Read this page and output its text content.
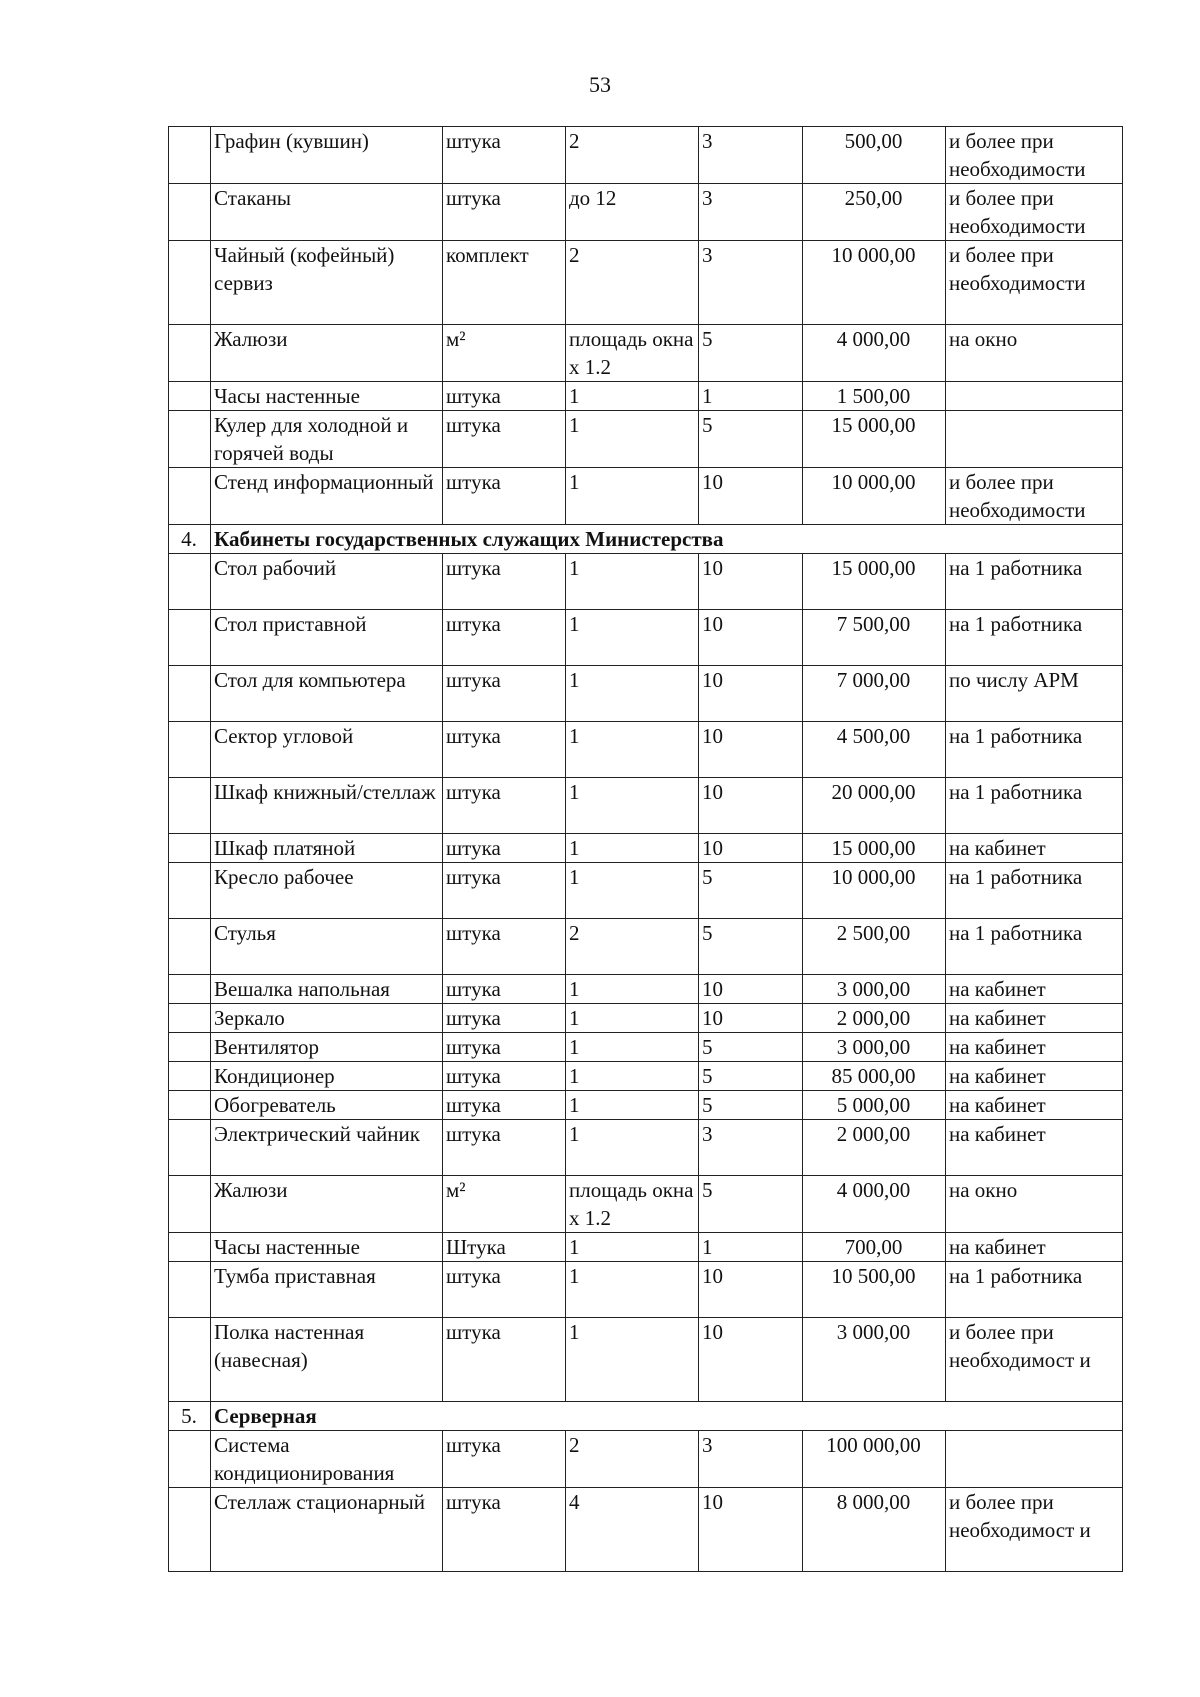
53
	Графин (кувшин)	штука	2	3	500,00	и более при необходимости
	Стаканы	штука	до 12	3	250,00	и более при необходимости
	Чайный (кофейный) сервиз	комплект	2	3	10 000,00	и более при необходимости
	Жалюзи	м²	площадь окна х 1.2	5	4 000,00	на окно
	Часы настенные	штука	1	1	1 500,00	
	Кулер для холодной и горячей воды	штука	1	5	15 000,00	
	Стенд информационный	штука	1	10	10 000,00	и более при необходимости
4.	Кабинеты государственных служащих Министерства					
	Стол рабочий	штука	1	10	15 000,00	на 1 работника
	Стол приставной	штука	1	10	7 500,00	на 1 работника
	Стол для компьютера	штука	1	10	7 000,00	по числу АРМ
	Сектор угловой	штука	1	10	4 500,00	на 1 работника
	Шкаф книжный/стеллаж	штука	1	10	20 000,00	на 1 работника
	Шкаф платяной	штука	1	10	15 000,00	на кабинет
	Кресло рабочее	штука	1	5	10 000,00	на 1 работника
	Стулья	штука	2	5	2 500,00	на 1 работника
	Вешалка напольная	штука	1	10	3 000,00	на кабинет
	Зеркало	штука	1	10	2 000,00	на кабинет
	Вентилятор	штука	1	5	3 000,00	на кабинет
	Кондиционер	штука	1	5	85 000,00	на кабинет
	Обогреватель	штука	1	5	5 000,00	на кабинет
	Электрический чайник	штука	1	3	2 000,00	на кабинет
	Жалюзи	м²	площадь окна х 1.2	5	4 000,00	на окно
	Часы настенные	Штука	1	1	700,00	на кабинет
	Тумба приставная	штука	1	10	10 500,00	на 1 работника
	Полка настенная (навесная)	штука	1	10	3 000,00	и более при необходимост и
5.	Серверная					
	Система кондиционирования	штука	2	3	100 000,00	
	Стеллаж стационарный	штука	4	10	8 000,00	и более при необходимост и
